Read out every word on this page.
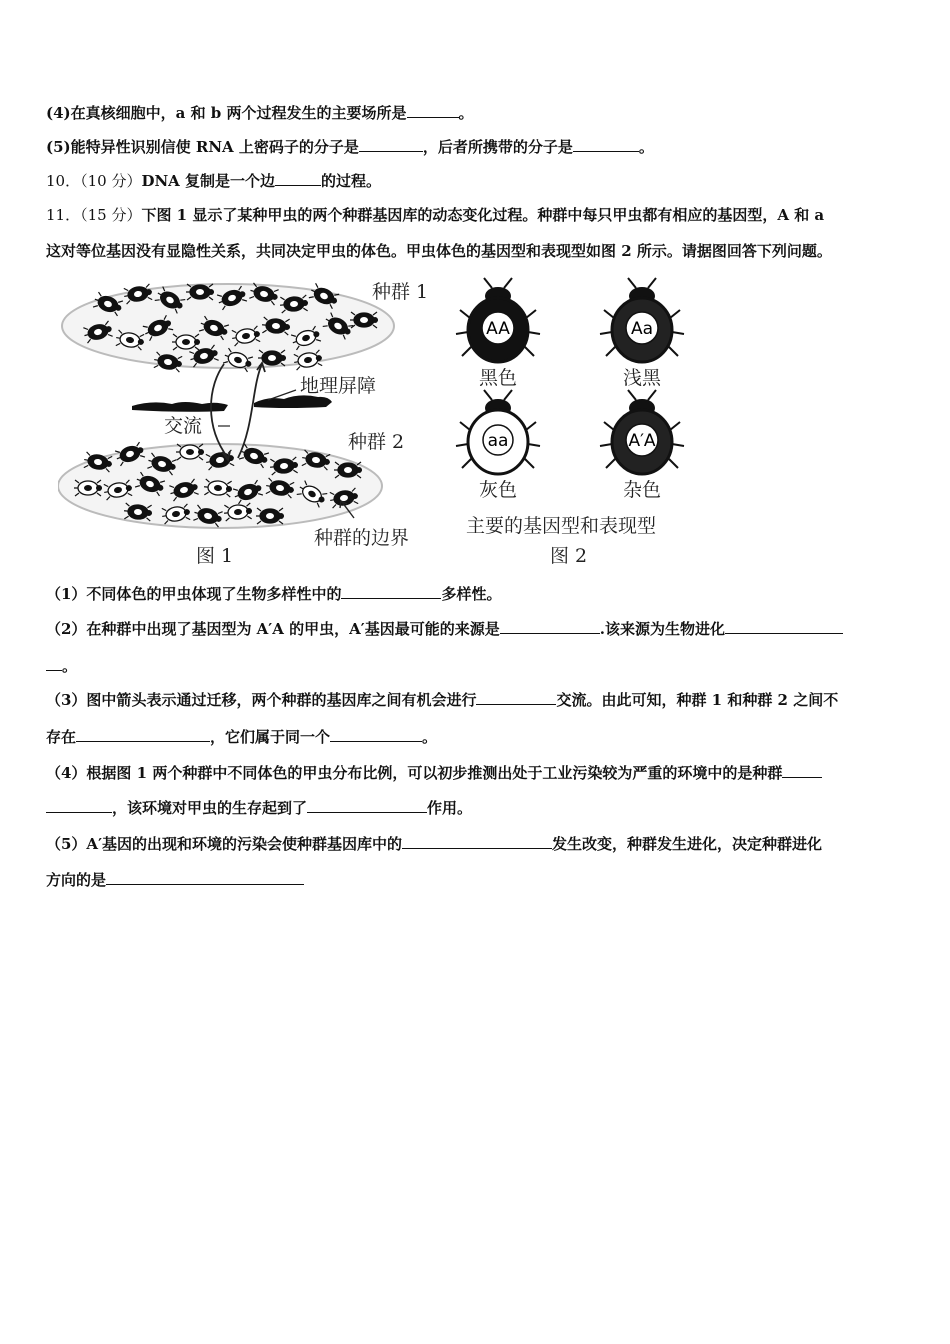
(4)在真核细胞中，a 和 b 两个过程发生的主要场所是	。
(5)能特异性识别信使 RNA 上密码子的分子是	，后者所携带的分子是	。
10．（10 分）DNA 复制是一个边	的过程。
11．（15 分）下图 1 显示了某种甲虫的两个种群基因库的动态变化过程。种群中每只甲虫都有相应的基因型，A 和 a
这对等位基因没有显隐性关系，共同决定甲虫的体色。甲虫体色的基因型和表现型如图 2 所示。请据图回答下列问题。
种群 1
地理屏障
交流
种群 2
种群的边界
图 1
AA
黑色
Aa
浅黑
aa
灰色
A′A
杂色
主要的基因型和表现型
图 2
（1）不同体色的甲虫体现了生物多样性中的	多样性。
（2）在种群中出现了基因型为 A′A 的甲虫，A′基因最可能的来源是	.该来源为生物进化
。
（3）图中箭头表示通过迁移，两个种群的基因库之间有机会进行	交流。由此可知，种群 1 和种群 2 之间不
存在	，它们属于同一个	。
（4）根据图 1 两个种群中不同体色的甲虫分布比例，可以初步推测出处于工业污染较为严重的环境中的是种群
，该环境对甲虫的生存起到了	作用。
（5）A′基因的出现和环境的污染会使种群基因库中的	发生改变，种群发生进化，决定种群进化
方向的是
